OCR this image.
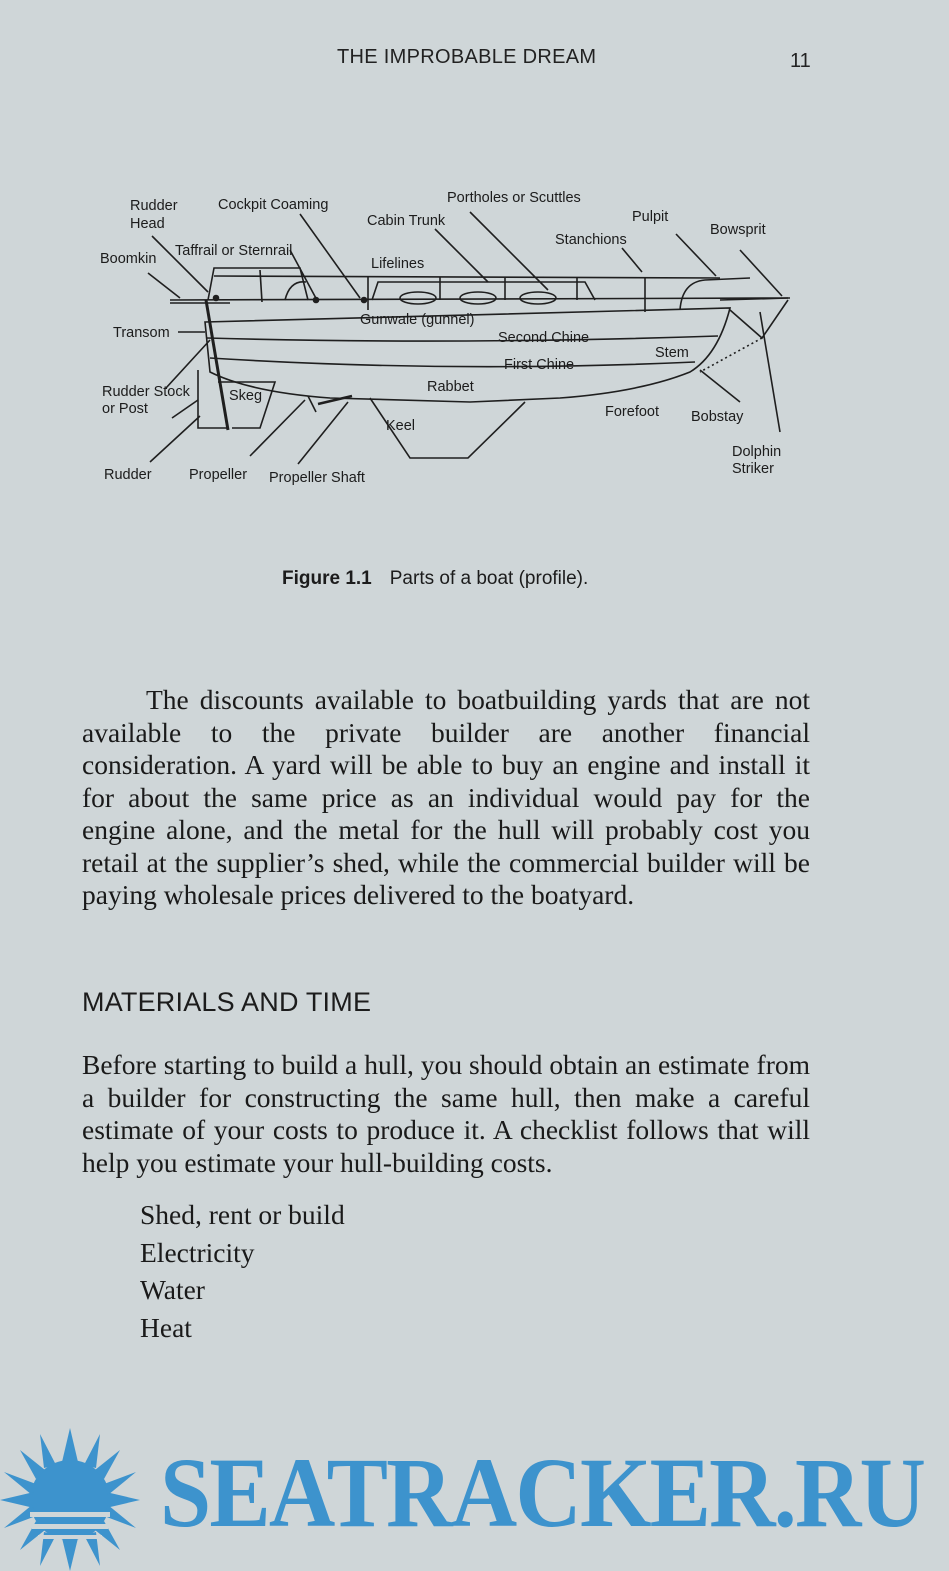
THE IMPROBABLE DREAM	11
Rudder
Head
Cockpit Coaming	Portholes or Scuttles
Cabin Trunk	Pulpit
Bowsprit
Stanchions
Boomkin Taffrail or Sternrail
Lifelines
Transom
Gunwale (gunnel)
Second Chine
Stem
First Chine
Rudder Stock
or Post
Skeg
Rabbet
Forefoot Bobstay
Keel
Dolphin
Striker
Rudder	Propeller Propeller Shaft
Figure 1.1 Parts of a boat (profile).

The discounts available to boatbuilding yards that are not available to the private builder are another financial consideration. A yard will be able to buy an engine and install it for about the same price as an individual would pay for the engine alone, and the metal for the hull will probably cost you retail at the supplier’s shed, while the commercial builder will be paying wholesale prices delivered to the boatyard.

MATERIALS AND TIME

Before starting to build a hull, you should obtain an estimate from a builder for constructing the same hull, then make a careful estimate of your costs to produce it. A checklist follows that will help you estimate your hull-building costs.

Shed, rent or build
Electricity
Water
Heat
SEATRACKER.RU
